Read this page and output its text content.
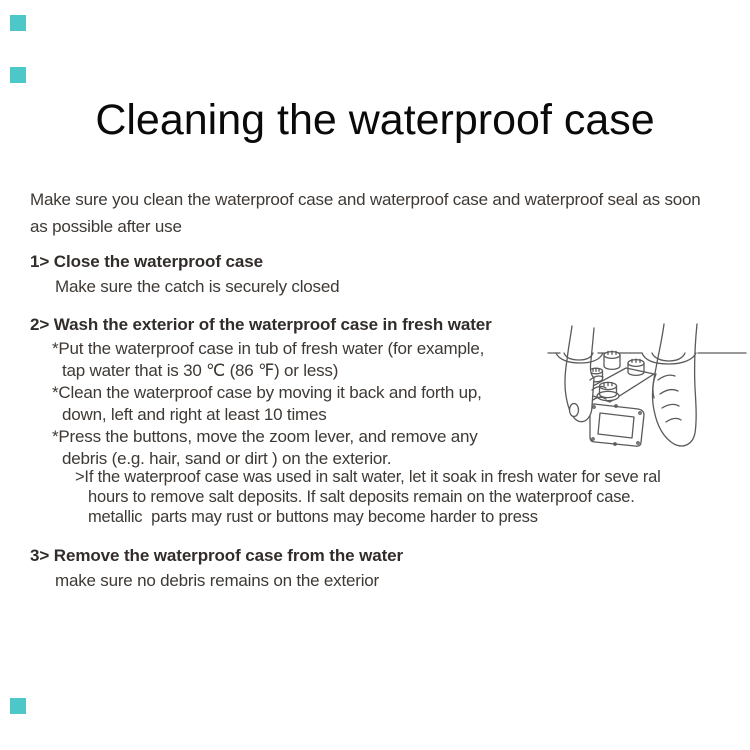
Cleaning the waterproof case
Make sure you clean the waterproof case and waterproof case and waterproof seal as soon
as possible after use
1> Close the waterproof case
Make sure the catch is securely closed
2> Wash the exterior of the waterproof case in fresh water
*Put the waterproof case in tub of fresh water (for example,
tap water that is 30 ℃ (86 ℉) or less)
*Clean the waterproof case by moving it back and forth up,
down, left and right at least 10 times
*Press the buttons, move the zoom lever, and remove any
debris (e.g. hair, sand or dirt ) on the exterior.
>If the waterproof case was used in salt water, let it soak in fresh water for seve ral
hours to remove salt deposits. If salt deposits remain on the waterproof case.
metallic  parts may rust or buttons may become harder to press
3> Remove the waterproof case from the water
make sure no debris remains on the exterior
